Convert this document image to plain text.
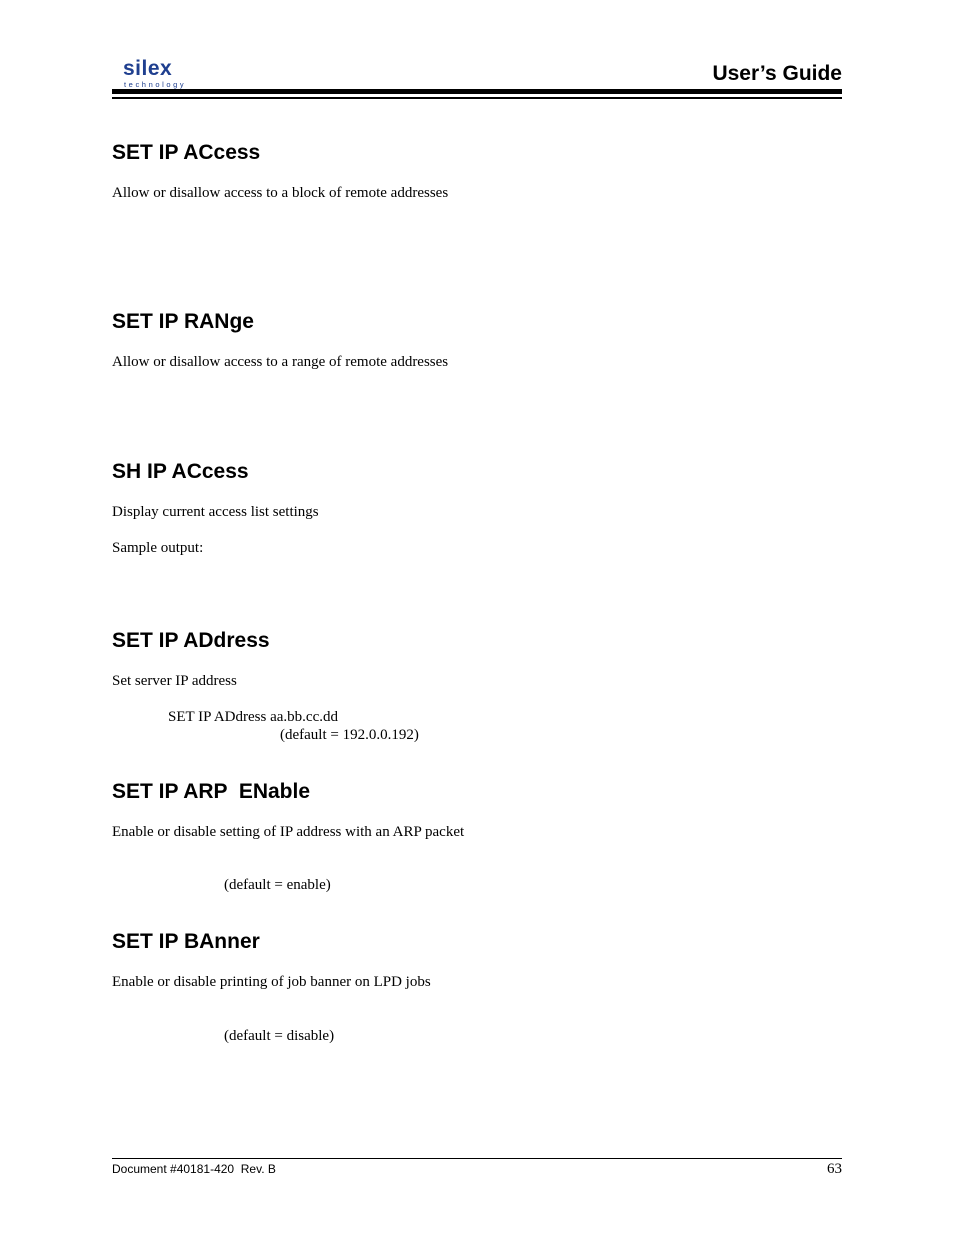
silex
technology	User’s Guide
SET IP ACcess
Allow or disallow access to a block of remote addresses
SET IP RANge
Allow or disallow access to a range of remote addresses
SH IP ACcess
Display current access list settings
Sample output:
SET IP ADdress
Set server IP address
SET IP ADdress aa.bb.cc.dd
(default = 192.0.0.192)
SET IP ARP  ENable
Enable or disable setting of IP address with an ARP packet
(default = enable)
SET IP BAnner
Enable or disable printing of job banner on LPD jobs
(default = disable)
Document #40181-420  Rev. B	63
